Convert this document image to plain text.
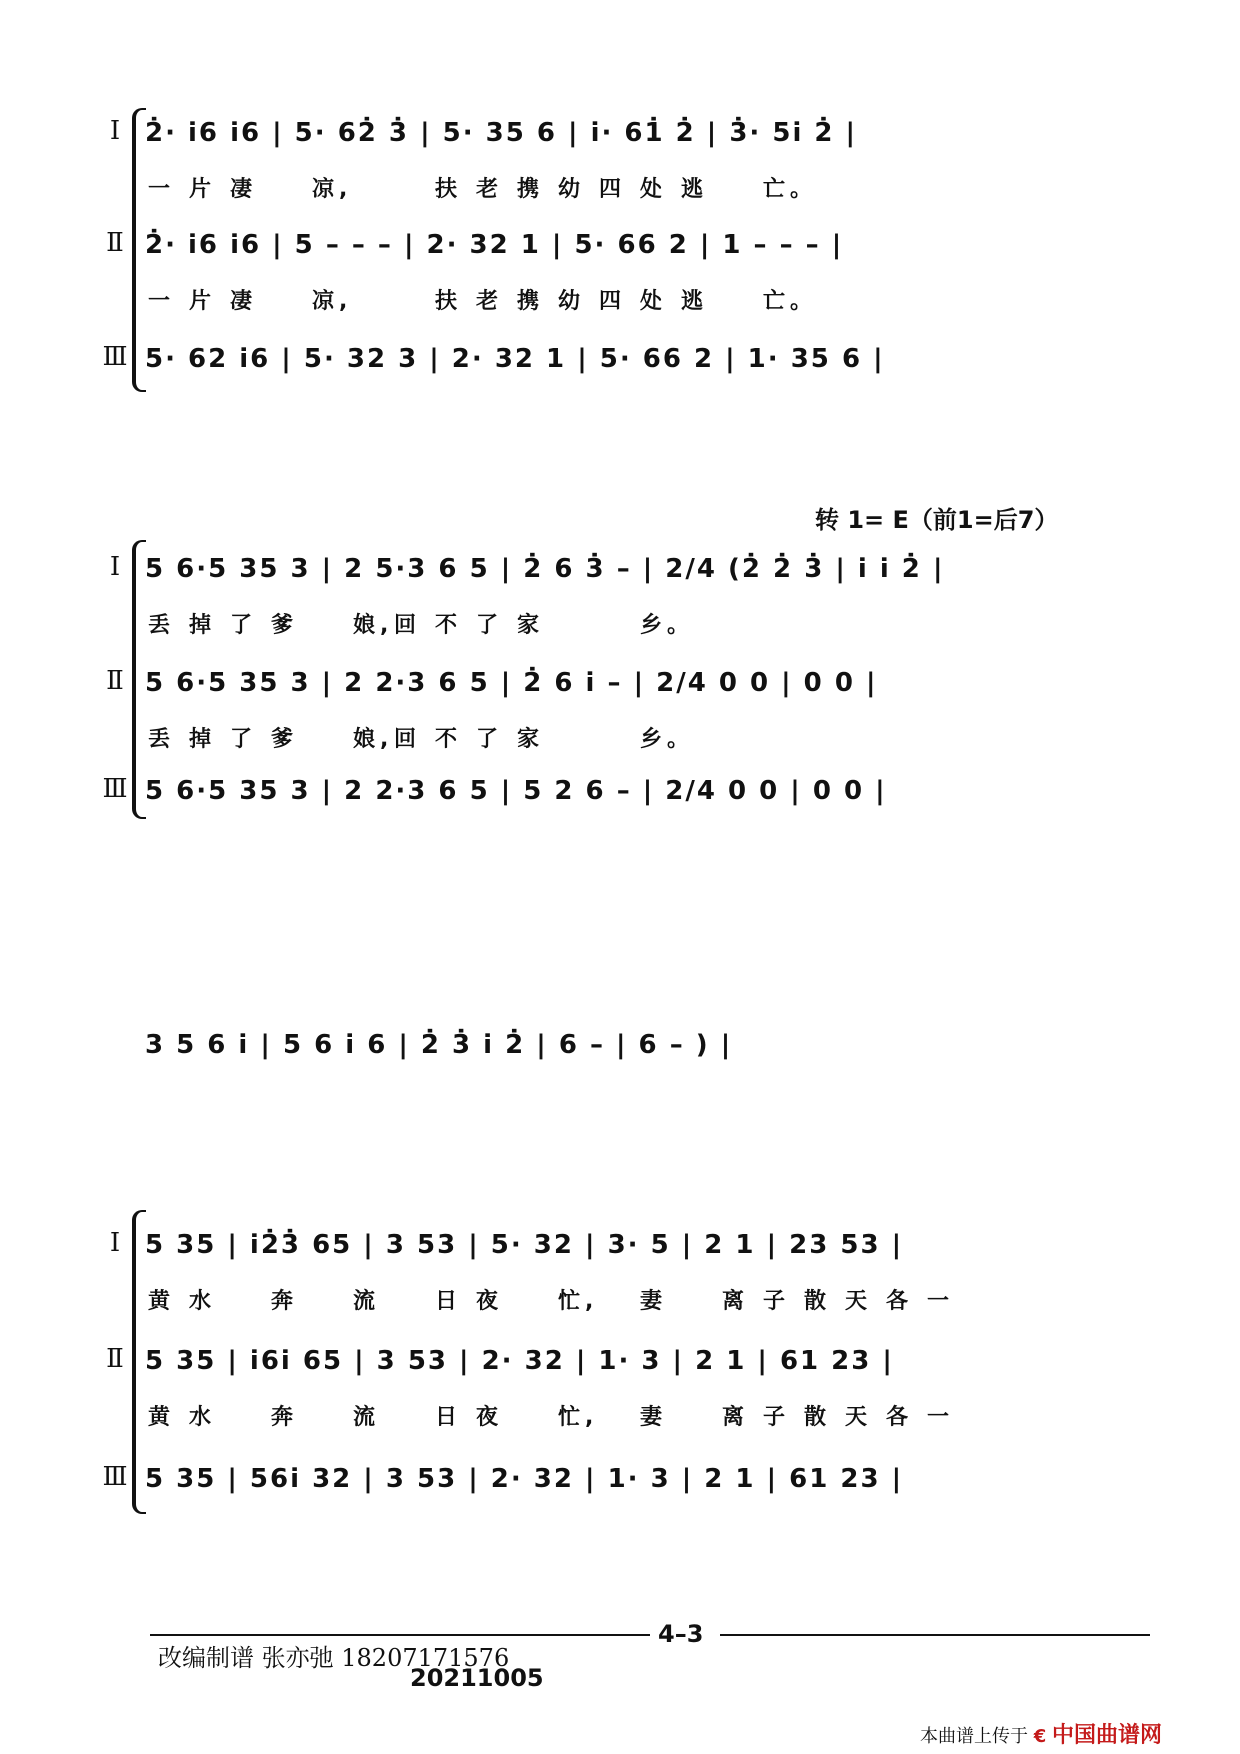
Ⅰ 2̇· i̇6 i̇6 | 5· 62̇ 3̇ | 5· 35 6 | i̇· 61̇ 2̇ | 3̇· 5i̇ 2̇ |
一 片 凄 凉,	扶 老 携 幼 四 处 逃 亡。
Ⅱ 2̇· i̇6 i̇6 | 5 – – – | 2· 32 1 | 5· 66 2 | 1 – – – |
一 片 凄 凉,	扶 老 携 幼 四 处 逃 亡。
Ⅲ 5· 62 i̇6 | 5· 32 3 | 2· 32 1 | 5· 66 2 | 1· 35 6 |
转 1= E（前1=后7）
Ⅰ 5 6·5 35 3 | 2 5·3 6 5 | 2̇ 6 3̇ – | 2/4 (2̇ 2̇ 3̇ | i̇ i̇ 2̇ |
丢 掉 了 爹 娘,回 不 了 家	乡。
Ⅱ 5 6·5 35 3 | 2 2·3 6 5 | 2̇ 6 i̇ – | 2/4 0 0 | 0 0 |
丢 掉 了 爹 娘,回 不 了 家	乡。
Ⅲ 5 6·5 35 3 | 2 2·3 6 5 | 5 2 6 – | 2/4 0 0 | 0 0 |
3 5 6 i̇ | 5 6 i̇ 6 | 2̇ 3̇ i̇ 2̇ | 6 – | 6 – ) |
Ⅰ 5 35 | i̇2̇3̇ 65 | 3 53 | 5· 32 | 3· 5 | 2 1 | 23 53 |
黄 水 奔 流 日 夜 忙, 妻 离 子 散 天 各 一
Ⅱ 5 35 | i̇6i̇ 65 | 3 53 | 2· 32 | 1· 3 | 2 1 | 61 23 |
黄 水 奔 流 日 夜 忙, 妻 离 子 散 天 各 一
Ⅲ 5 35 | 56i̇ 32 | 3 53 | 2· 32 | 1· 3 | 2 1 | 61 23 |
4–3
改编制谱 张亦弛 18207171576
20211005
本曲谱上传于 € 中国曲谱网
